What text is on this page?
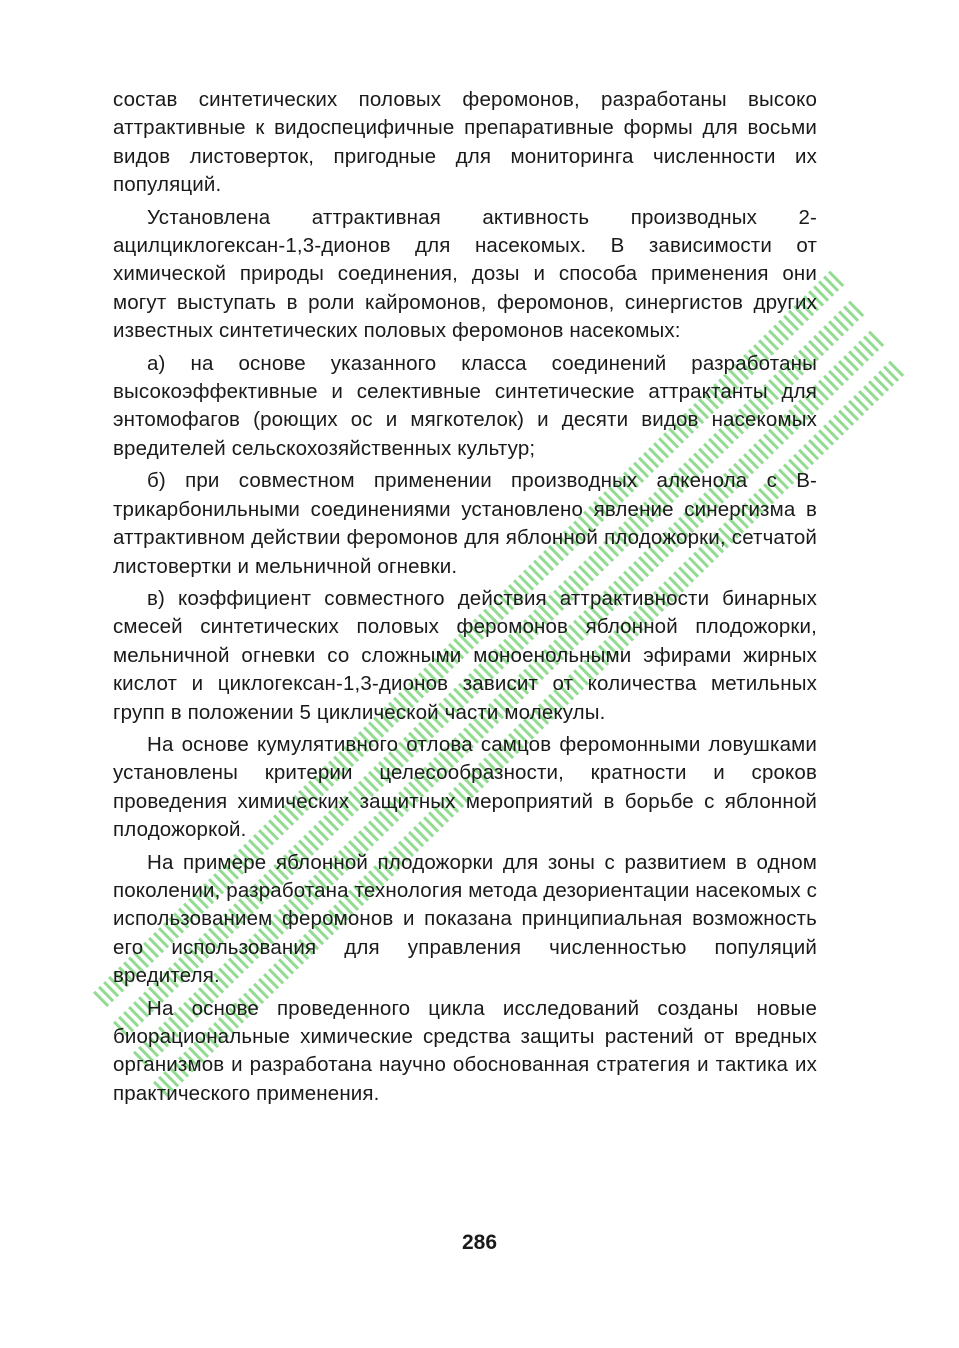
состав синтетических половых феромонов, разработаны высоко аттрактивные к видоспецифичные препаративные формы для восьми видов листоверток, пригодные для мониторинга численности их популяций.

Установлена аттрактивная активность производных 2-ацилциклогексан-1,3-дионов для насекомых. В зависимости от химической природы соединения, дозы и способа применения они могут выступать в роли кайромонов, феромонов, синергистов других известных синтетических половых феромонов насекомых:

а) на основе указанного класса соединений разработаны высокоэффективные и селективные синтетические аттрактанты для энтомофагов (роющих ос и мягкотелок) и десяти видов насекомых вредителей сельскохозяйственных культур;

б) при совместном применении производных алкенола с В-трикарбонильными соединениями установлено явление синергизма в аттрактивном действии феромонов для яблонной плодожорки, сетчатой листовертки и мельничной огневки.

в) коэффициент совместного действия аттрактивности бинарных смесей синтетических половых феромонов яблонной плодожорки, мельничной огневки со сложными моноенольными эфирами жирных кислот и циклогексан-1,3-дионов зависит от количества метильных групп в положении 5 циклической части молекулы.

На основе кумулятивного отлова самцов феромонными ловушками установлены критерии целесообразности, кратности и сроков проведения химических защитных мероприятий в борьбе с яблонной плодожоркой.

На примере яблонной плодожорки для зоны с развитием в одном поколении, разработана технология метода дезориентации насекомых с использованием феромонов и показана принципиальная возможность его использования для управления численностью популяций вредителя.

На основе проведенного цикла исследований созданы новые биорациональные химические средства защиты растений от вредных организмов и разработана научно обоснованная стратегия и тактика их практического применения.

286
